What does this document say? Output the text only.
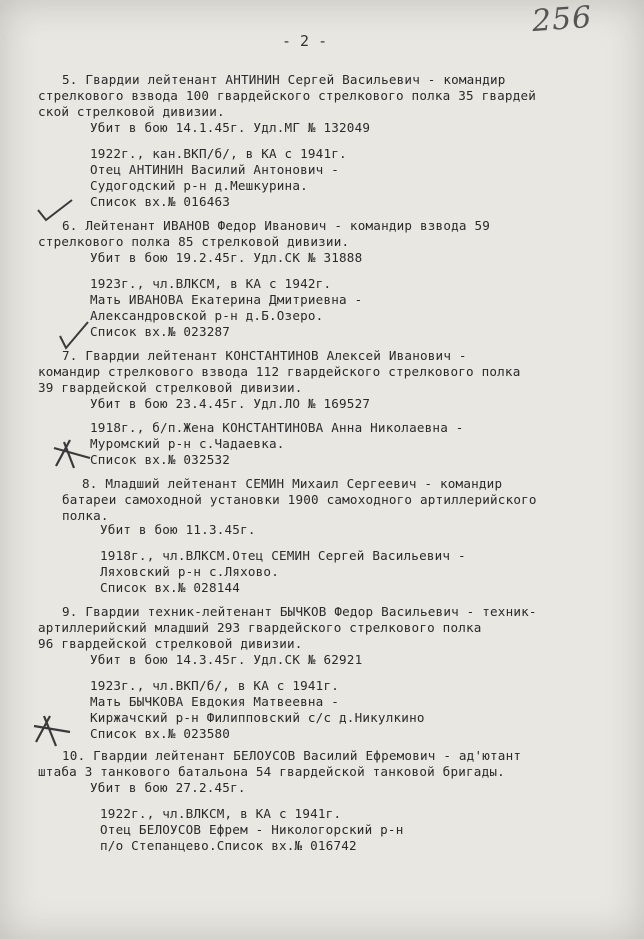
256
- 2 -
5. Гвардии лейтенант АНТИНИН Сергей Васильевич - командир
стрелкового взвода 100 гвардейского стрелкового полка 35 гвардей
ской стрелковой дивизии.
Убит в бою 14.1.45г. Удл.МГ № 132049
1922г., кан.ВКП/б/, в КА с 1941г.
Отец АНТИНИН Василий Антонович -
Судогодский р-н д.Мешкурина.
Список вх.№ 016463
6. Лейтенант ИВАНОВ Федор Иванович - командир взвода 59
стрелкового полка 85 стрелковой дивизии.
Убит в бою 19.2.45г. Удл.СК № 31888
1923г., чл.ВЛКСМ, в КА с 1942г.
Мать ИВАНОВА Екатерина Дмитриевна -
Александровской р-н д.Б.Озеро.
Список вх.№ 023287
7. Гвардии лейтенант КОНСТАНТИНОВ Алексей Иванович -
командир стрелкового взвода 112 гвардейского стрелкового полка
39 гвардейской стрелковой дивизии.
Убит в бою 23.4.45г. Удл.ЛО № 169527
1918г., б/п.Жена КОНСТАНТИНОВА Анна Николаевна -
Муромский р-н с.Чадаевка.
Список вх.№ 032532
8. Младший лейтенант СЕМИН Михаил Сергеевич - командир
батареи самоходной установки 1900 самоходного артиллерийского
полка.
Убит в бою 11.3.45г.
1918г., чл.ВЛКСМ.Отец СЕМИН Сергей Васильевич -
Ляховский р-н с.Ляхово.
Список вх.№ 028144
9. Гвардии техник-лейтенант БЫЧКОВ Федор Васильевич - техник-
артиллерийский младший 293 гвардейского стрелкового полка
96 гвардейской стрелковой дивизии.
Убит в бою 14.3.45г. Удл.СК № 62921
1923г., чл.ВКП/б/, в КА с 1941г.
Мать БЫЧКОВА Евдокия Матвеевна -
Киржачский р-н Филипповский с/с д.Никулкино
Список вх.№ 023580
10. Гвардии лейтенант БЕЛОУСОВ Василий Ефремович - ад'ютант
штаба 3 танкового батальона 54 гвардейской танковой бригады.
Убит в бою 27.2.45г.
1922г., чл.ВЛКСМ, в КА с 1941г.
Отец БЕЛОУСОВ Ефрем - Никологорский р-н
п/о Степанцево.Список вх.№ 016742
